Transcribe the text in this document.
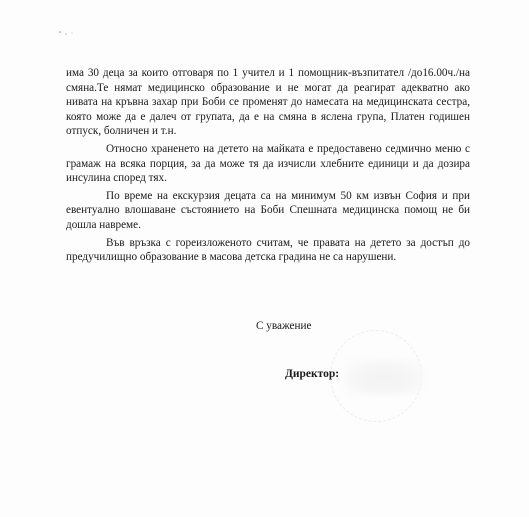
има 30 деца за които отговаря по 1 учител и 1 помощник-възпитател /до16.00ч./на смяна.Те нямат медицинско образование и не могат да реагират адекватно ако нивата на кръвна захар при Боби се променят до намесата на медицинската сестра, която може да е далеч от групата, да е на смяна в яслена група, Платен годишен отпуск, болничен и т.н.

Относно храненето на детето на майката е предоставено седмично меню с грамаж на всяка порция, за да може тя да изчисли хлебните единици и да дозира инсулина според тях.

По време на екскурзия децата са на минимум 50 км извън София и при евентуално влошаване състоянието на Боби Спешната медицинска помощ не би дошла навреме.

Във връзка с гореизложеното считам, че правата на детето за достъп до предучилищно образование в масова детска градина не са нарушени.

С уважение
Директор:
